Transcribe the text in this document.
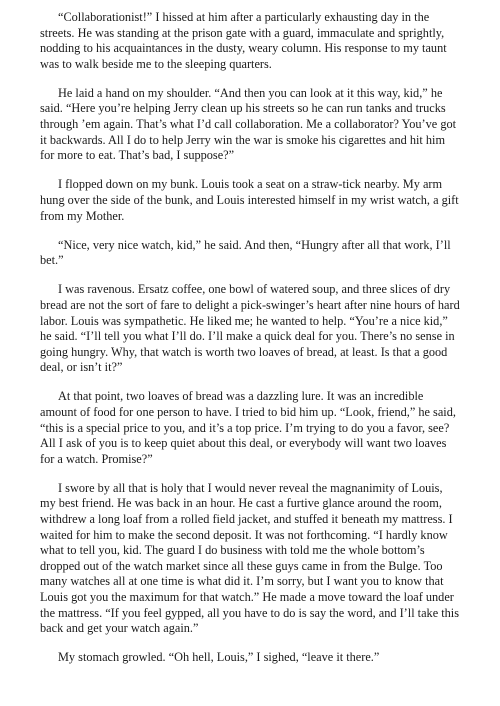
“Collaborationist!” I hissed at him after a particularly exhausting day in the streets. He was standing at the prison gate with a guard, immaculate and sprightly, nodding to his acquaintances in the dusty, weary column. His response to my taunt was to walk beside me to the sleeping quarters.

He laid a hand on my shoulder. “And then you can look at it this way, kid,” he said. “Here you’re helping Jerry clean up his streets so he can run tanks and trucks through ’em again. That’s what I’d call collaboration. Me a collaborator? You’ve got it backwards. All I do to help Jerry win the war is smoke his cigarettes and hit him for more to eat. That’s bad, I suppose?”

I flopped down on my bunk. Louis took a seat on a straw-tick nearby. My arm hung over the side of the bunk, and Louis interested himself in my wrist watch, a gift from my Mother.

“Nice, very nice watch, kid,” he said. And then, “Hungry after all that work, I’ll bet.”

I was ravenous. Ersatz coffee, one bowl of watered soup, and three slices of dry bread are not the sort of fare to delight a pick-swinger’s heart after nine hours of hard labor. Louis was sympathetic. He liked me; he wanted to help. “You’re a nice kid,” he said. “I’ll tell you what I’ll do. I’ll make a quick deal for you. There’s no sense in going hungry. Why, that watch is worth two loaves of bread, at least. Is that a good deal, or isn’t it?”

At that point, two loaves of bread was a dazzling lure. It was an incredible amount of food for one person to have. I tried to bid him up. “Look, friend,” he said, “this is a special price to you, and it’s a top price. I’m trying to do you a favor, see? All I ask of you is to keep quiet about this deal, or everybody will want two loaves for a watch. Promise?”

I swore by all that is holy that I would never reveal the magnanimity of Louis, my best friend. He was back in an hour. He cast a furtive glance around the room, withdrew a long loaf from a rolled field jacket, and stuffed it beneath my mattress. I waited for him to make the second deposit. It was not forthcoming. “I hardly know what to tell you, kid. The guard I do business with told me the whole bottom’s dropped out of the watch market since all these guys came in from the Bulge. Too many watches all at one time is what did it. I’m sorry, but I want you to know that Louis got you the maximum for that watch.” He made a move toward the loaf under the mattress. “If you feel gypped, all you have to do is say the word, and I’ll take this back and get your watch again.”

My stomach growled. “Oh hell, Louis,” I sighed, “leave it there.”
